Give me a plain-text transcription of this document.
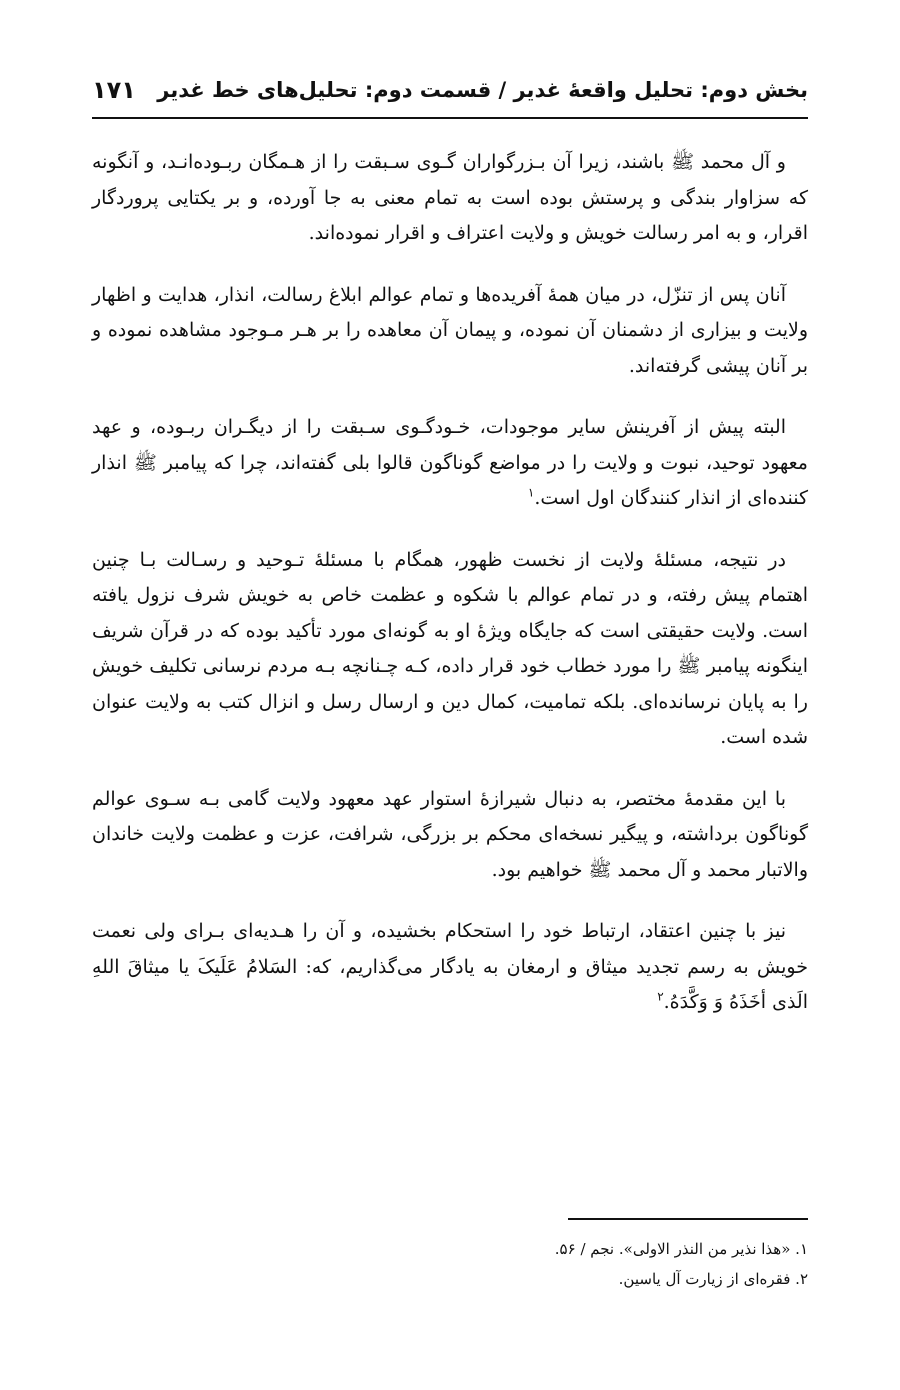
بخش دوم: تحلیل واقعۀ غدیر / قسمت دوم: تحلیل‌های خط غدیر
۱۷۱

و آل محمد ﷺ باشند، زیرا آن بـزرگواران گـوی سـبقت را از هـمگان ربـوده‌انـد، و آنگونه که سزاوار بندگی و پرستش بوده است به تمام معنی به جا آورده، و بر یکتایی پروردگار اقرار، و به امر رسالت خویش و ولایت اعتراف و اقرار نموده‌اند.

آنان پس از تنزّل، در میان همۀ آفریده‌ها و تمام عوالم ابلاغ رسالت، انذار، هدایت و اظهار ولایت و بیزاری از دشمنان آن نموده، و پیمان آن معاهده را بر هـر مـوجود مشاهده نموده و بر آنان پیشی گرفته‌اند.

البته پیش از آفرینش سایر موجودات، خـودگـوی سـبقت را از دیگـران ربـوده، و عهد معهود توحید، نبوت و ولایت را در مواضع گوناگون قالوا بلی گفته‌اند، چرا که پیامبر ﷺ انذار کننده‌ای از انذار کنندگان اول است.$^۱$

در نتیجه، مسئلۀ ولایت از نخست ظهور، همگام با مسئلۀ تـوحید و رسـالت بـا چنین اهتمام پیش رفته، و در تمام عوالم با شکوه و عظمت خاص به خویش شرف نزول یافته است. ولایت حقیقتی است که جایگاه ویژۀ او به گونه‌ای مورد تأکید بوده که در قرآن شریف اینگونه پیامبر ﷺ را مورد خطاب خود قرار داده، کـه چـنانچه بـه مردم نرسانی تکلیف خویش را به پایان نرسانده‌ای. بلکه تمامیت، کمال دین و ارسال رسل و انزال کتب به ولایت عنوان شده است.

با این مقدمۀ مختصر، به دنبال شیرازۀ استوار عهد معهود ولایت گامی بـه سـوی عوالم گوناگون برداشته، و پیگیر نسخه‌ای محکم بر بزرگی، شرافت، عزت و عظمت ولایت خاندان والاتبار محمد و آل محمد ﷺ خواهیم بود.

نیز با چنین اعتقاد، ارتباط خود را استحکام بخشیده، و آن را هـدیه‌ای بـرای ولی نعمت خویش به رسم تجدید میثاق و ارمغان به یادگار می‌گذاریم، که: السَلامُ عَلَیکَ یا میثاقَ اللهِ الَذی أخَذَهُ وَ وَکَّدَهُ.$^۲$

۱. «هذا نذیر من النذر الاولی». نجم / ۵۶.

۲. فقره‌ای از زیارت آل یاسین.
